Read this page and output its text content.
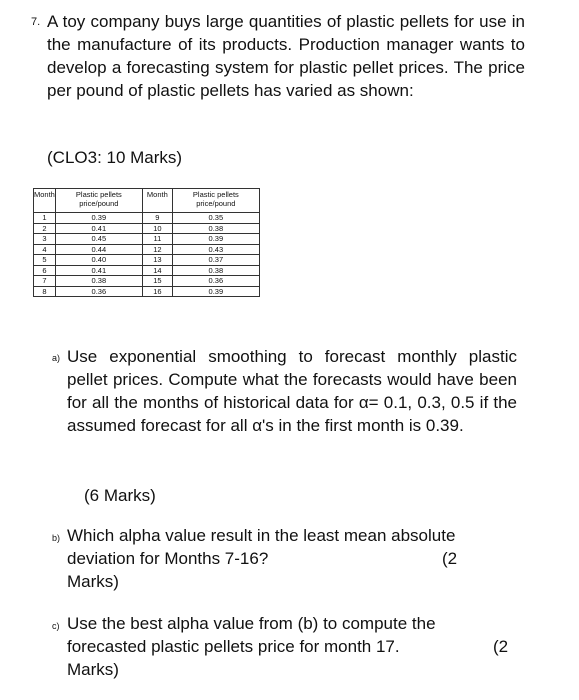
7. A toy company buys large quantities of plastic pellets for use in the manufacture of its products. Production manager wants to develop a forecasting system for plastic pellet prices. The price per pound of plastic pellets has varied as shown:
(CLO3: 10 Marks)
Month	Plastic pellets price/pound	Month	Plastic pellets price/pound
1	0.39	9	0.35
2	0.41	10	0.38
3	0.45	11	0.39
4	0.44	12	0.43
5	0.40	13	0.37
6	0.41	14	0.38
7	0.38	15	0.36
8	0.36	16	0.39
a) Use exponential smoothing to forecast monthly plastic pellet prices. Compute what the forecasts would have been for all the months of historical data for α= 0.1, 0.3, 0.5 if the assumed forecast for all α's in the first month is 0.39.
(6 Marks)
b) Which alpha value result in the least mean absolute
deviation for Months 7-16?
Marks)
(2
c) Use the best alpha value from (b) to compute the
forecasted plastic pellets price for month 17.
Marks)
(2
